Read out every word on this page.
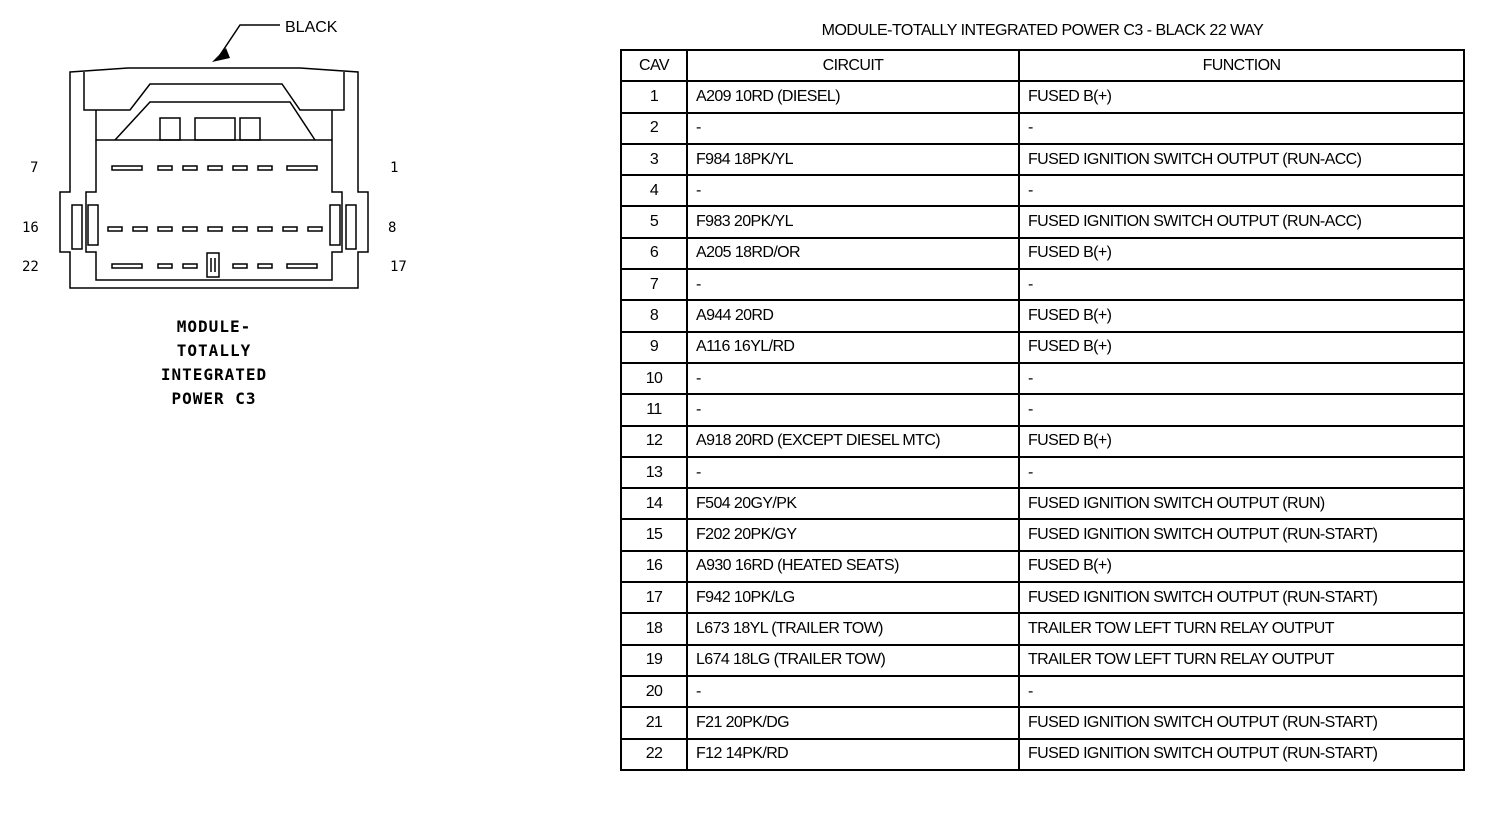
BLACK
7	1
16	8
22	17
MODULE-
TOTALLY
INTEGRATED
POWER C3
MODULE-TOTALLY INTEGRATED POWER C3 - BLACK 22 WAY
CAV	CIRCUIT	FUNCTION
1	A209 10RD (DIESEL)	FUSED B(+)
2	-	-
3	F984 18PK/YL	FUSED IGNITION SWITCH OUTPUT (RUN-ACC)
4	-	-
5	F983 20PK/YL	FUSED IGNITION SWITCH OUTPUT (RUN-ACC)
6	A205 18RD/OR	FUSED B(+)
7	-	-
8	A944 20RD	FUSED B(+)
9	A116 16YL/RD	FUSED B(+)
10	-	-
11	-	-
12	A918 20RD (EXCEPT DIESEL MTC)	FUSED B(+)
13	-	-
14	F504 20GY/PK	FUSED IGNITION SWITCH OUTPUT (RUN)
15	F202 20PK/GY	FUSED IGNITION SWITCH OUTPUT (RUN-START)
16	A930 16RD (HEATED SEATS)	FUSED B(+)
17	F942 10PK/LG	FUSED IGNITION SWITCH OUTPUT (RUN-START)
18	L673 18YL (TRAILER TOW)	TRAILER TOW LEFT TURN RELAY OUTPUT
19	L674 18LG (TRAILER TOW)	TRAILER TOW LEFT TURN RELAY OUTPUT
20	-	-
21	F21 20PK/DG	FUSED IGNITION SWITCH OUTPUT (RUN-START)
22	F12 14PK/RD	FUSED IGNITION SWITCH OUTPUT (RUN-START)
